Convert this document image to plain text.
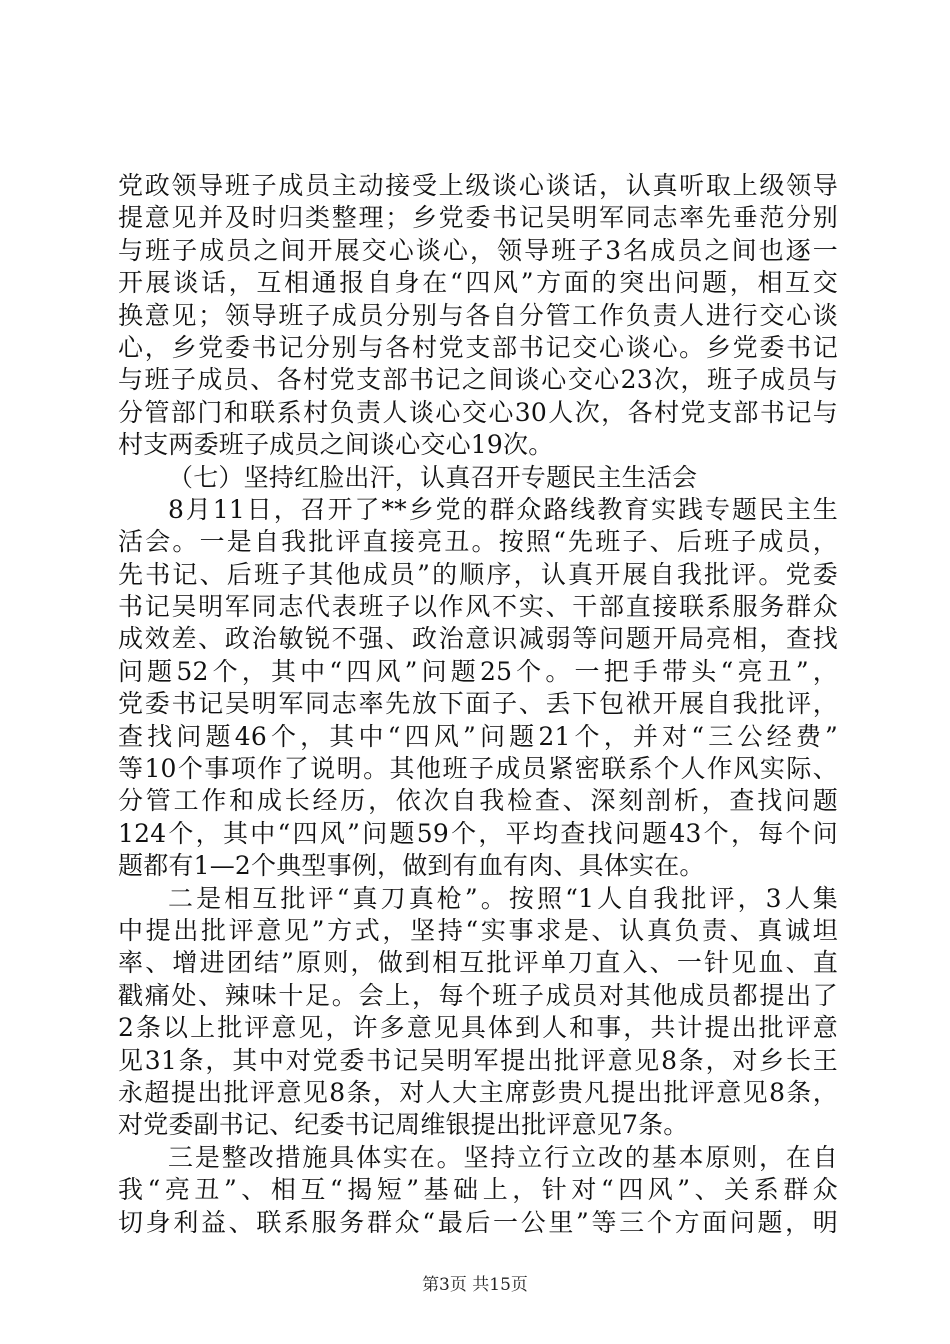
党政领导班子成员主动接受上级谈心谈话，认真听取上级领导
提意见并及时归类整理；乡党委书记吴明军同志率先垂范分别
与班子成员之间开展交心谈心，领导班子3名成员之间也逐一
开展谈话，互相通报自身在“四风”方面的突出问题，相互交
换意见；领导班子成员分别与各自分管工作负责人进行交心谈
心，乡党委书记分别与各村党支部书记交心谈心。乡党委书记
与班子成员、各村党支部书记之间谈心交心23次，班子成员与
分管部门和联系村负责人谈心交心30人次，各村党支部书记与
村支两委班子成员之间谈心交心19次。
（七）坚持红脸出汗，认真召开专题民主生活会
8月11日，召开了**乡党的群众路线教育实践专题民主生
活会。一是自我批评直接亮丑。按照“先班子、后班子成员，
先书记、后班子其他成员”的顺序，认真开展自我批评。党委
书记吴明军同志代表班子以作风不实、干部直接联系服务群众
成效差、政治敏锐不强、政治意识减弱等问题开局亮相，查找
问题52个，其中“四风”问题25个。一把手带头“亮丑”，
党委书记吴明军同志率先放下面子、丢下包袱开展自我批评，
查找问题46个，其中“四风”问题21个，并对“三公经费”
等10个事项作了说明。其他班子成员紧密联系个人作风实际、
分管工作和成长经历，依次自我检查、深刻剖析，查找问题
124个，其中“四风”问题59个，平均查找问题43个，每个问
题都有1—2个典型事例，做到有血有肉、具体实在。
二是相互批评“真刀真枪”。按照“1人自我批评，3人集
中提出批评意见”方式，坚持“实事求是、认真负责、真诚坦
率、增进团结”原则，做到相互批评单刀直入、一针见血、直
戳痛处、辣味十足。会上，每个班子成员对其他成员都提出了
2条以上批评意见，许多意见具体到人和事，共计提出批评意
见31条，其中对党委书记吴明军提出批评意见8条，对乡长王
永超提出批评意见8条，对人大主席彭贵凡提出批评意见8条，
对党委副书记、纪委书记周维银提出批评意见7条。
三是整改措施具体实在。坚持立行立改的基本原则，在自
我“亮丑”、相互“揭短”基础上，针对“四风”、关系群众
切身利益、联系服务群众“最后一公里”等三个方面问题，明
第3页 共15页
